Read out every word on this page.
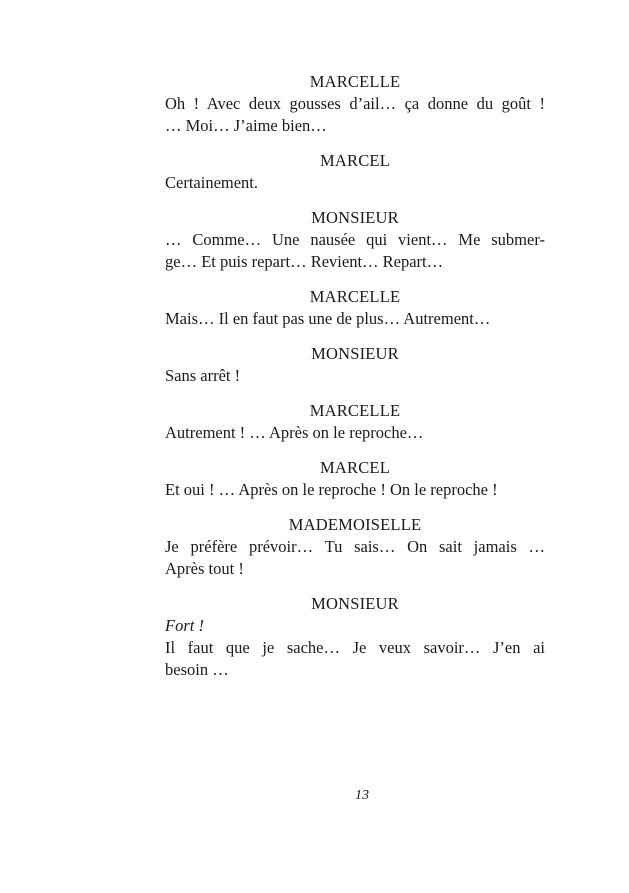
MARCELLE
Oh ! Avec deux gousses d’ail… ça donne du goût !
… Moi… J’aime bien…
MARCEL
Certainement.
MONSIEUR
… Comme… Une nausée qui vient… Me submer-
ge… Et puis repart… Revient… Repart…
MARCELLE
Mais… Il en faut pas une de plus… Autrement…
MONSIEUR
Sans arrêt !
MARCELLE
Autrement ! … Après on le reproche…
MARCEL
Et oui ! … Après on le reproche ! On le reproche !
MADEMOISELLE
Je préfère prévoir… Tu sais… On sait jamais …
Après tout !
MONSIEUR
Fort !
Il faut que je sache… Je veux savoir… J’en ai
besoin …
13
